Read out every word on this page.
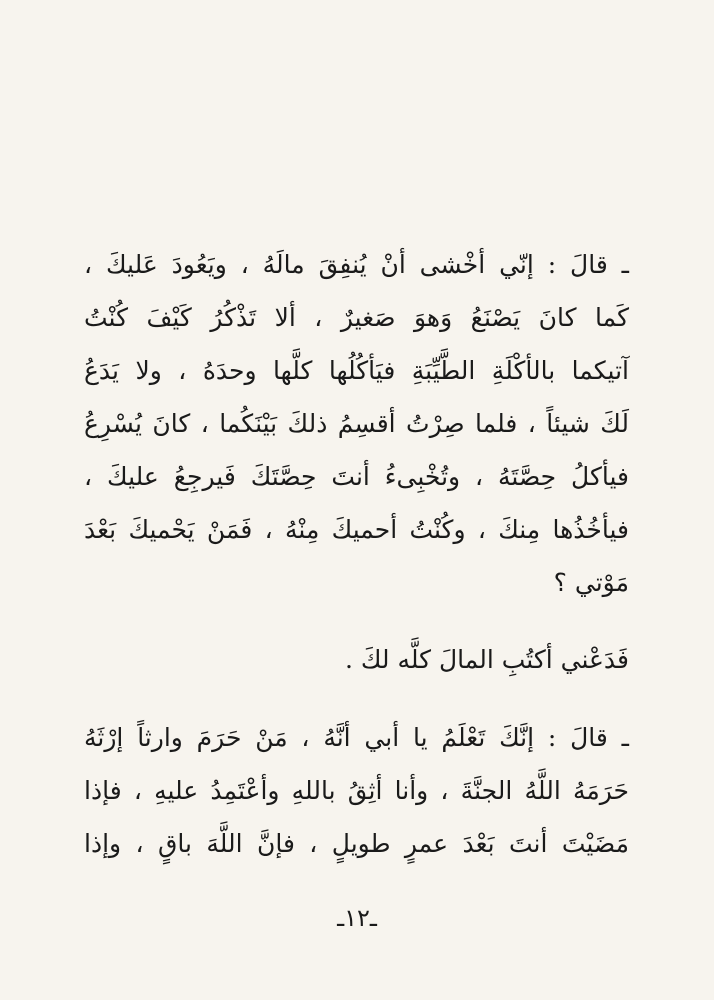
ـ قالَ : إنّي أخْشى أنْ يُنفِقَ مالَهُ ، ويَعُودَ عَليكَ ،
كَما كانَ يَصْنَعُ وَهوَ صَغيرٌ ، ألا تَذْكُرُ كَيْفَ كُنْتُ
آتيكما بالأكْلَةِ الطَّيِّبَةِ فيَأكُلُها كلَّها وحدَهُ ، ولا يَدَعُ
لَكَ شيئاً ، فلما صِرْتُ أقسِمُ ذلكَ بَيْنَكُما ، كانَ يُسْرِعُ
فيأكلُ حِصَّتَهُ ، وتُخْبِىءُ أنتَ حِصَّتَكَ فَيرجِعُ عليكَ ،
فيأخُذُها مِنكَ ، وكُنْتُ أحميكَ مِنْهُ ، فَمَنْ يَحْميكَ بَعْدَ
مَوْتي ؟
فَدَعْني أكتُبِ المالَ كلَّه لكَ .
ـ قالَ : إنَّكَ تَعْلَمُ يا أبي أنَّهُ ، مَنْ حَرَمَ وارثاً إرْثَهُ
حَرَمَهُ اللَّهُ الجنَّةَ ، وأنا أثِقُ باللهِ وأعْتَمِدُ عليهِ ، فإذا
مَضَيْتَ أنتَ بَعْدَ عمرٍ طويلٍ ، فإنَّ اللَّهَ باقٍ ، وإذا
ـ١٢ـ
